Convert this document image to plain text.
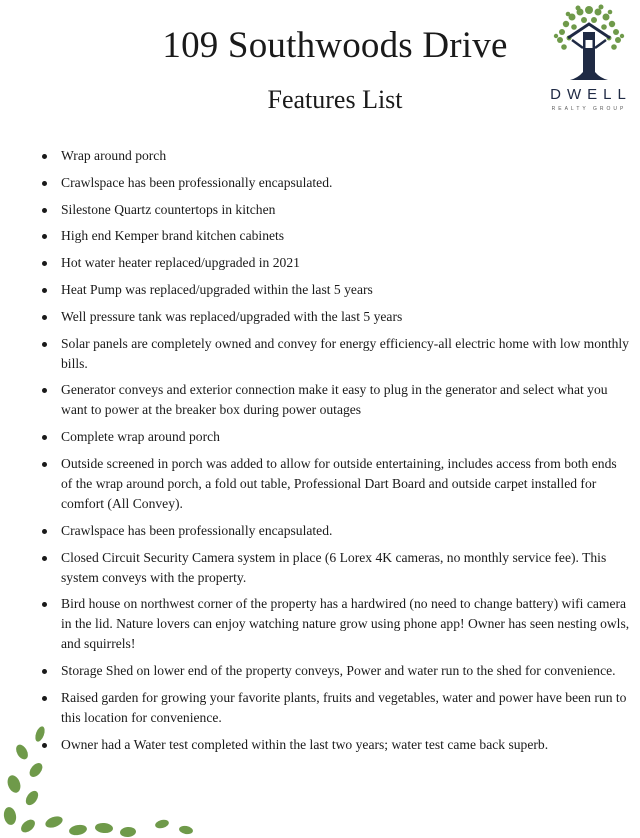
109 Southwoods Drive
Features List	DWELL
REALTY GROUP
Wrap around porch
Crawlspace has been professionally encapsulated.
Silestone Quartz countertops in kitchen
High end Kemper brand kitchen cabinets
Hot water heater replaced/upgraded in 2021
Heat Pump was replaced/upgraded within the last 5 years
Well pressure tank was replaced/upgraded with the last 5 years
Solar panels are completely owned and convey for energy efficiency-all electric home with low monthly bills.
Generator conveys and exterior connection make it easy to plug in the generator and select what you want to power at the breaker box during power outages
Complete wrap around porch
Outside screened in porch was added to allow for outside entertaining, includes access from both ends of the wrap around porch, a fold out table, Professional Dart Board and outside carpet installed for comfort (All Convey).
Crawlspace has been professionally encapsulated.
Closed Circuit Security Camera system in place (6 Lorex 4K cameras, no monthly service fee). This system conveys with the property.
Bird house on northwest corner of the property has a hardwired (no need to change battery) wifi camera in the lid. Nature lovers can enjoy watching nature grow using phone app! Owner has seen nesting owls, and squirrels!
Storage Shed on lower end of the property conveys, Power and water run to the shed for convenience.
Raised garden for growing your favorite plants, fruits and vegetables, water and power have been run to this location for convenience.
Owner had a Water test completed within the last two years; water test came back superb.
